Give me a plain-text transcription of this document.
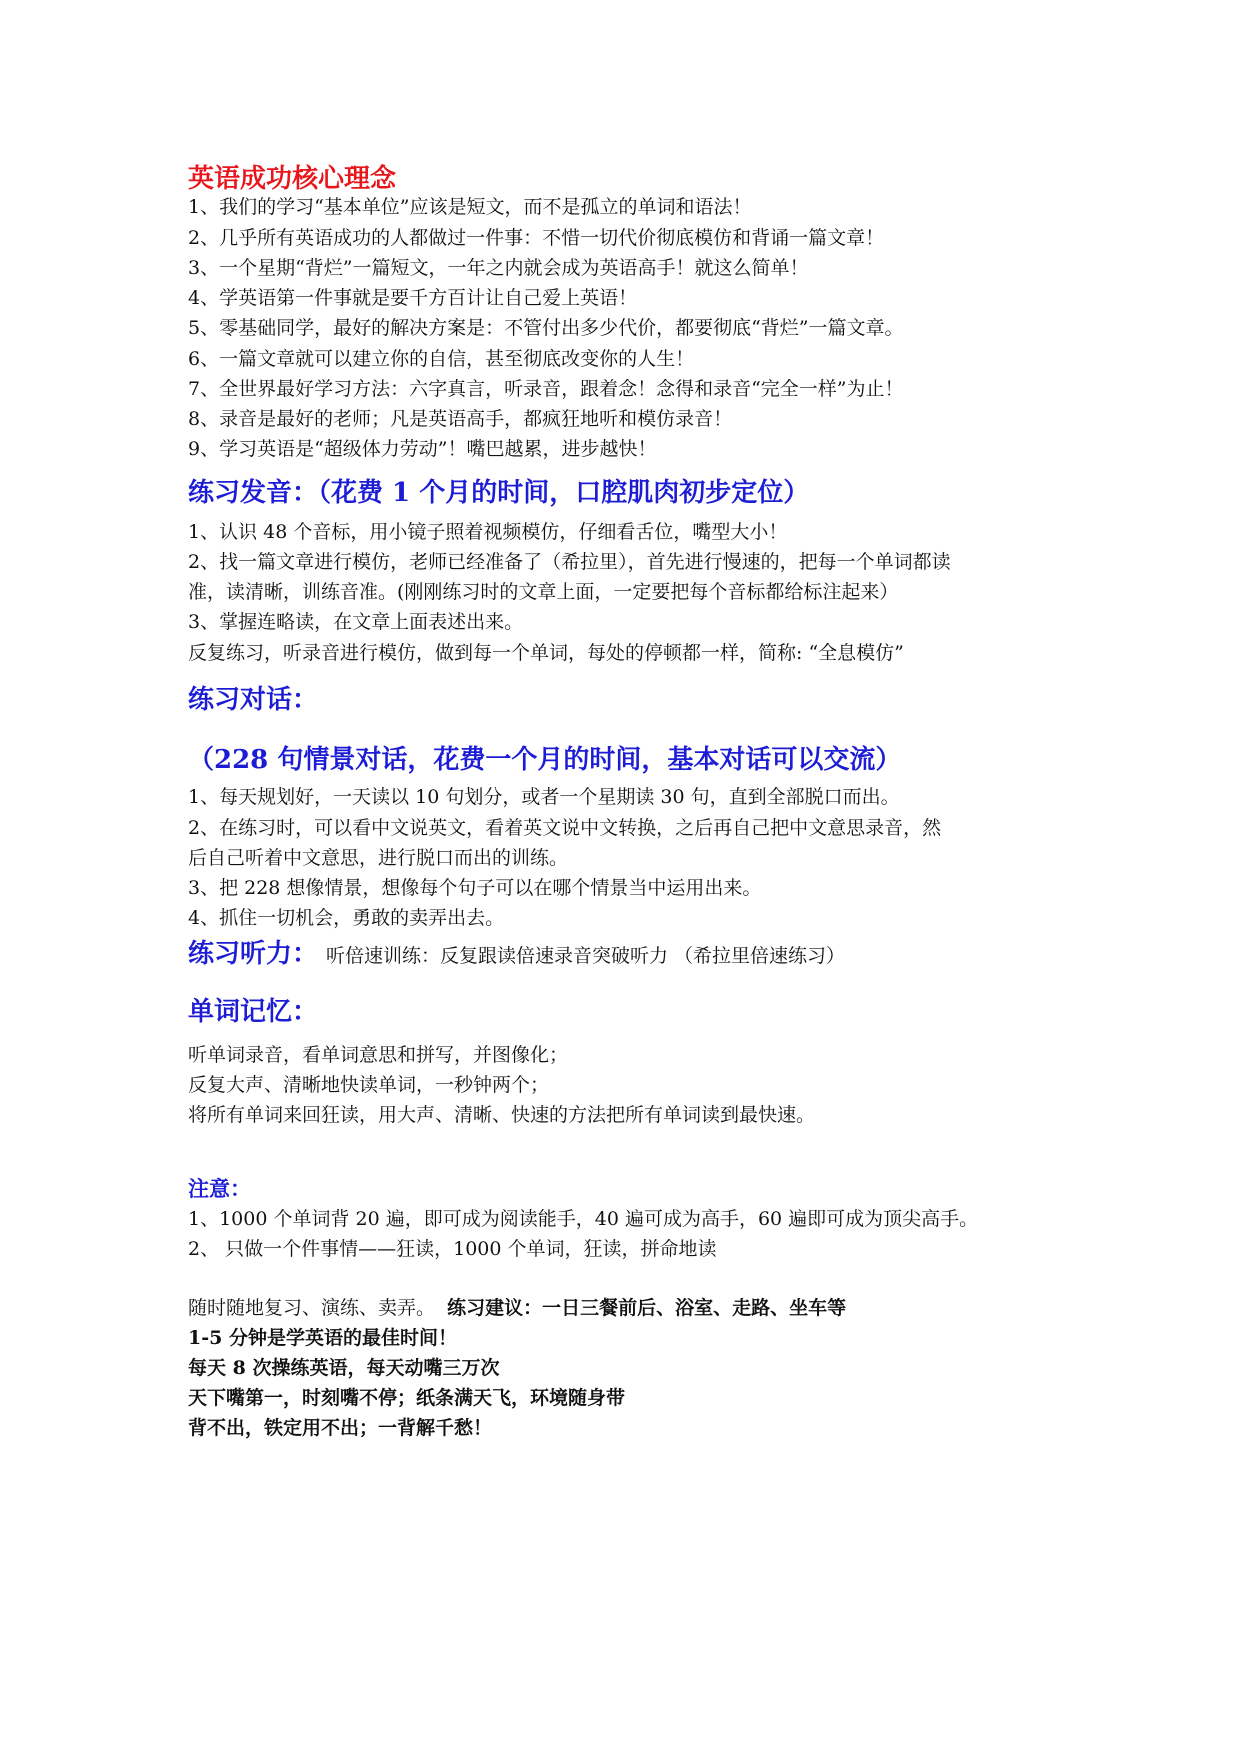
英语成功核心理念
1、我们的学习“基本单位”应该是短文，而不是孤立的单词和语法！
2、几乎所有英语成功的人都做过一件事：不惜一切代价彻底模仿和背诵一篇文章！
3、一个星期“背烂”一篇短文，一年之内就会成为英语高手！就这么简单！
4、学英语第一件事就是要千方百计让自己爱上英语！
5、零基础同学，最好的解决方案是：不管付出多少代价，都要彻底“背烂”一篇文章。
6、一篇文章就可以建立你的自信，甚至彻底改变你的人生！
7、全世界最好学习方法：六字真言，听录音，跟着念！念得和录音“完全一样”为止！
8、录音是最好的老师；凡是英语高手，都疯狂地听和模仿录音！
9、学习英语是“超级体力劳动”！嘴巴越累，进步越快！
练习发音：（花费 1 个月的时间，口腔肌肉初步定位）
1、认识 48 个音标，用小镜子照着视频模仿，仔细看舌位，嘴型大小！
2、找一篇文章进行模仿，老师已经准备了（希拉里），首先进行慢速的，把每一个单词都读
准，读清晰，训练音准。(刚刚练习时的文章上面，一定要把每个音标都给标注起来）
3、掌握连略读，在文章上面表述出来。
反复练习，听录音进行模仿，做到每一个单词，每处的停顿都一样，简称: “全息模仿”
练习对话：
（228 句情景对话，花费一个月的时间，基本对话可以交流）
1、每天规划好，一天读以 10 句划分，或者一个星期读 30 句，直到全部脱口而出。
2、在练习时，可以看中文说英文，看着英文说中文转换，之后再自己把中文意思录音，然
后自己听着中文意思，进行脱口而出的训练。
3、把 228 想像情景，想像每个句子可以在哪个情景当中运用出来。
4、抓住一切机会，勇敢的卖弄出去。
练习听力： 听倍速训练：反复跟读倍速录音突破听力 （希拉里倍速练习）
单词记忆：
听单词录音，看单词意思和拼写，并图像化；
反复大声、清晰地快读单词，一秒钟两个；
将所有单词来回狂读，用大声、清晰、快速的方法把所有单词读到最快速。
注意：
1、1000 个单词背 20 遍，即可成为阅读能手，40 遍可成为高手，60 遍即可成为顶尖高手。
2、 只做一个件事情——狂读，1000 个单词，狂读，拼命地读
随时随地复习、演练、卖弄。 练习建议：一日三餐前后、浴室、走路、坐车等
1-5 分钟是学英语的最佳时间！
每天 8 次操练英语，每天动嘴三万次
天下嘴第一，时刻嘴不停；纸条满天飞，环境随身带
背不出，铁定用不出；一背解千愁！
